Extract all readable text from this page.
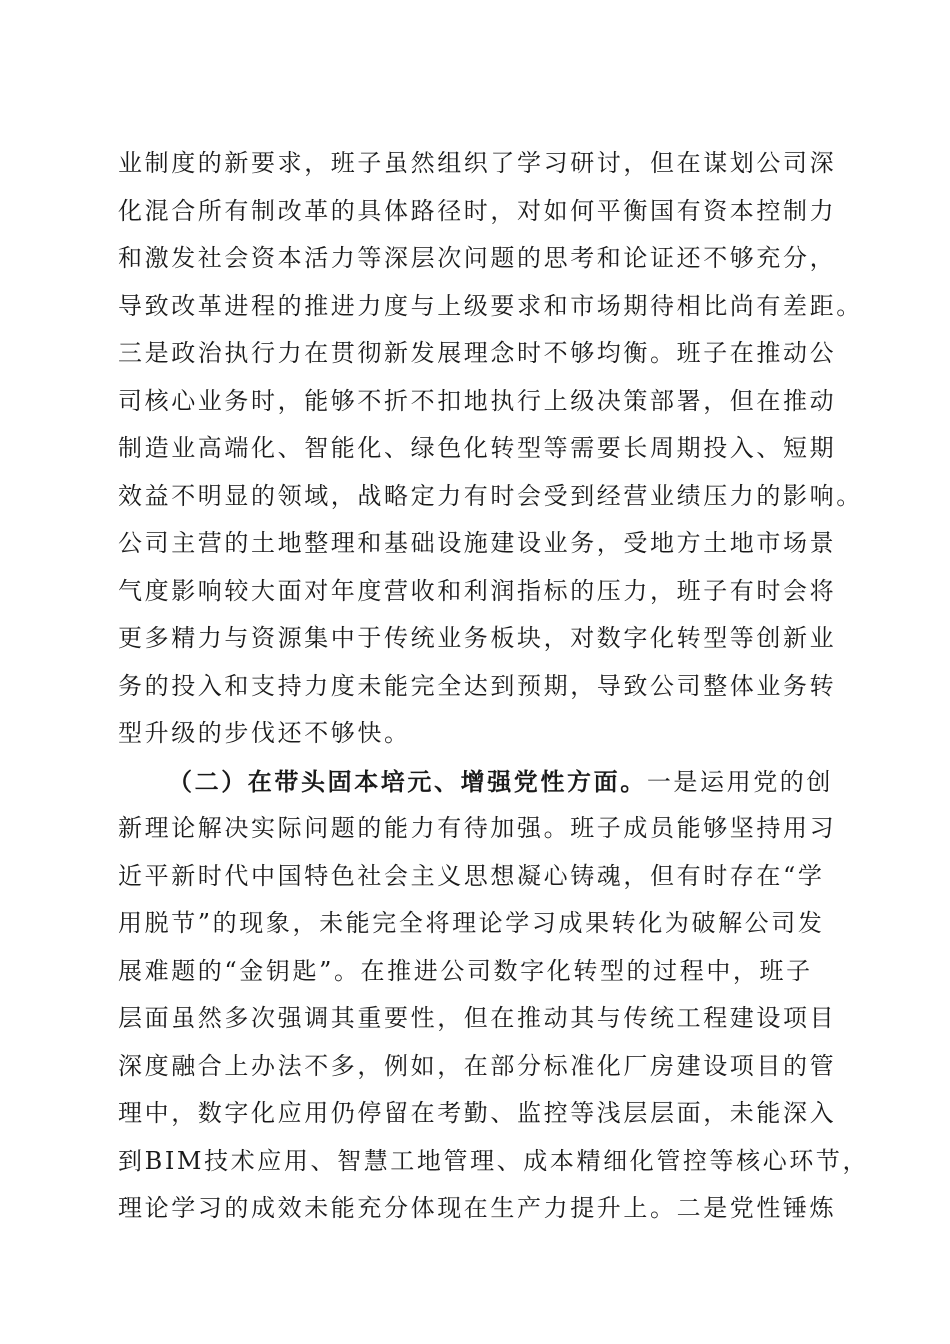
业制度的新要求，班子虽然组织了学习研讨，但在谋划公司深
化混合所有制改革的具体路径时，对如何平衡国有资本控制力
和激发社会资本活力等深层次问题的思考和论证还不够充分，
导致改革进程的推进力度与上级要求和市场期待相比尚有差距。
三是政治执行力在贯彻新发展理念时不够均衡。班子在推动公
司核心业务时，能够不折不扣地执行上级决策部署，但在推动
制造业高端化、智能化、绿色化转型等需要长周期投入、短期
效益不明显的领域，战略定力有时会受到经营业绩压力的影响。
公司主营的土地整理和基础设施建设业务，受地方土地市场景
气度影响较大面对年度营收和利润指标的压力，班子有时会将
更多精力与资源集中于传统业务板块，对数字化转型等创新业
务的投入和支持力度未能完全达到预期，导致公司整体业务转
型升级的步伐还不够快。
（二）在带头固本培元、增强党性方面。一是运用党的创
新理论解决实际问题的能力有待加强。班子成员能够坚持用习
近平新时代中国特色社会主义思想凝心铸魂，但有时存在“学
用脱节”的现象，未能完全将理论学习成果转化为破解公司发
展难题的“金钥匙”。在推进公司数字化转型的过程中，班子
层面虽然多次强调其重要性，但在推动其与传统工程建设项目
深度融合上办法不多，例如，在部分标准化厂房建设项目的管
理中，数字化应用仍停留在考勤、监控等浅层层面，未能深入
到BIM技术应用、智慧工地管理、成本精细化管控等核心环节，
理论学习的成效未能充分体现在生产力提升上。二是党性锤炼
